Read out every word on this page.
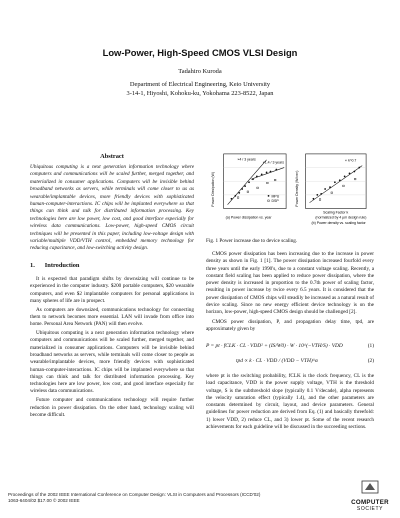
Low-Power, High-Speed CMOS VLSI Design
Tadahiro Kuroda
Department of Electrical Engineering, Keio University
3-14-1, Hiyoshi, Kohoku-ku, Yokohama 223-8522, Japan
Abstract
Ubiquitous computing is a next generation information technology where computers and communications will be scaled further, merged together, and materialized in consumer applications. Computers will be invisible behind broadband networks as servers, while terminals will come closer to us as wearable/implantable devices, more friendly devices with sophisticated human-computer-interactions. IC chips will be implanted everywhere so that things can think and talk for distributed information processing. Key technologies here are low power, low cost, and good interface especially for wireless data communications. Low-power, high-speed CMOS circuit techniques will be presented in this paper, including low-voltage design with variable/multiple VDD/VTH control, embedded memory technology for reducing capacitance, and low-switching activity design.
1. Introduction

It is expected that paradigm shifts by downsizing will continue to be experienced in the computer industry. $200 portable computers, $20 wearable computers, and even $2 implantable computers for personal applications in many spheres of life are in prospect.

As computers are downsized, communications technology for connecting them to network becomes more essential. LAN will invade from office into home. Personal Area Network (PAN) will then evolve.

Ubiquitous computing is a next generation information technology where computers and communications will be scaled further, merged together, and materialized in consumer applications. Computers will be invisible behind broadband networks as servers, while terminals will come closer to people as wearable/implantable devices, more friendly devices with sophisticated human-computer-interactions. IC chips will be implanted everywhere so that things can think and talk for distributed information processing. Key technologies here are low power, low cost, and good interface especially for wireless data communications.

Future computer and communications technology will require further reduction in power dissipation. On the other hand, technology scaling will become difficult.

×4 / 3 years
×1.4 / 3 years
MPU
DSP
Power Dissipation (W)
(a) Power dissipation vs. year
∝ k^0.7
Power Density (W/cm²)
Scaling Factor k
(normalized by 4 µm design rule)
(b) Power density vs. scaling factor
Fig. 1 Power increase due to device scaling.

CMOS power dissipation has been increasing due to the increase in power density as shown in Fig. 1 [1]. The power dissipation increased fourfold every three years until the early 1990's, due to a constant voltage scaling. Recently, a constant field scaling has been applied to reduce power dissipation, where the power density is increased in proportion to the 0.7th power of scaling factor, resulting in power increase by twice every 6.5 years. It is considered that the power dissipation of CMOS chips will steadily be increased as a natural result of device scaling. Since no new energy efficient device technology is on the horizon, low-power, high-speed CMOS design should be challenged [2].

CMOS power dissipation, P, and propagation delay time, tpd, are approximately given by

P = pt · fCLK · CL · VDD² + (IS/W0) · W · 10^(−VTH/S) · VDD	(1)
tpd ∝ k · CL · VDD / (VDD − VTH)^α	(2)
where pt is the switching probability, fCLK is the clock frequency, CL is the load capacitance, VDD is the power supply voltage, VTH is the threshold voltage, S is the subthreshold slope (typically 0.1 V/decade), alpha represents the velocity saturation effect (typically 1.4), and the other parameters are constants determined by circuit, layout, and device parameters. General guidelines for power reduction are derived from Eq. (1) and basically threefold: 1) lower VDD, 2) reduce CL, and 3) lower pt. Some of the recent research achievements for each guideline will be discussed in the succeeding sections.
Proceedings of the 2002 IEEE International Conference on Computer Design: VLSI in Computers and Processors (ICCD'02)
1063-6404/02 $17.00 © 2002 IEEE	COMPUTER
SOCIETY
